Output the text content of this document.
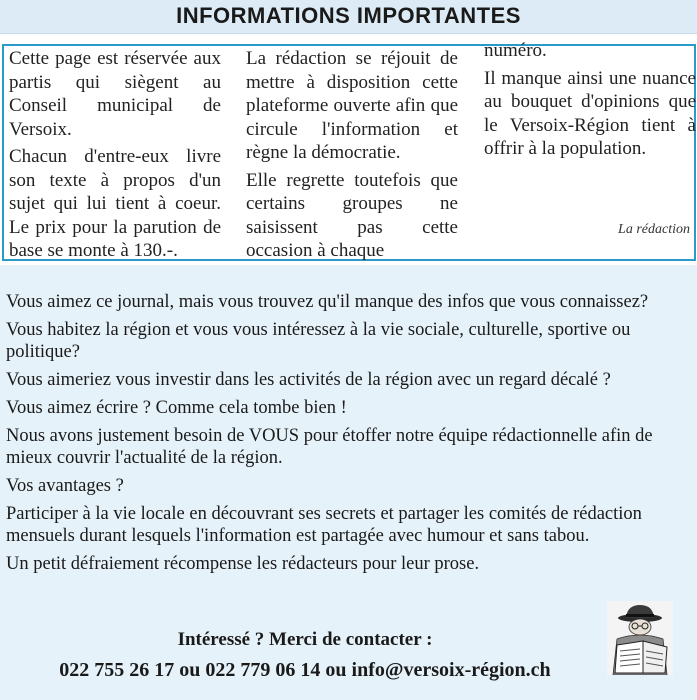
INFORMATIONS IMPORTANTES

Cette page est réservée aux partis qui siègent au Conseil municipal de Versoix.

Chacun d'entre-eux livre son texte à propos d'un sujet qui lui tient à coeur. Le prix pour la parution de base se monte à 130.-.

La rédaction se réjouit de mettre à disposition cette plateforme ouverte afin que circule l'information et règne la démocratie.

Elle regrette toutefois que certains groupes ne saisissent pas cette occasion à chaque

numéro.

Il manque ainsi une nuance au bouquet d'opinions que le Versoix-Région tient à offrir à la population.

La rédaction

Vous aimez ce journal, mais vous trouvez qu'il manque des infos que vous connaissez?

Vous habitez la région et vous vous intéressez à la vie sociale, culturelle, sportive ou politique?

Vous aimeriez vous investir dans les activités de la région avec un regard décalé ?

Vous aimez écrire ? Comme cela tombe bien !

Nous avons justement besoin de VOUS pour étoffer notre équipe rédactionnelle afin de mieux couvrir l'actualité de la région.

Vos avantages ?

Participer à la vie locale en découvrant ses secrets et partager les comités de rédaction mensuels durant lesquels l'information est partagée avec humour et sans tabou.

Un petit défraiement récompense les rédacteurs pour leur prose.

Intéressé ? Merci de contacter :
022 755 26 17 ou 022 779 06 14 ou info@versoix-région.ch
